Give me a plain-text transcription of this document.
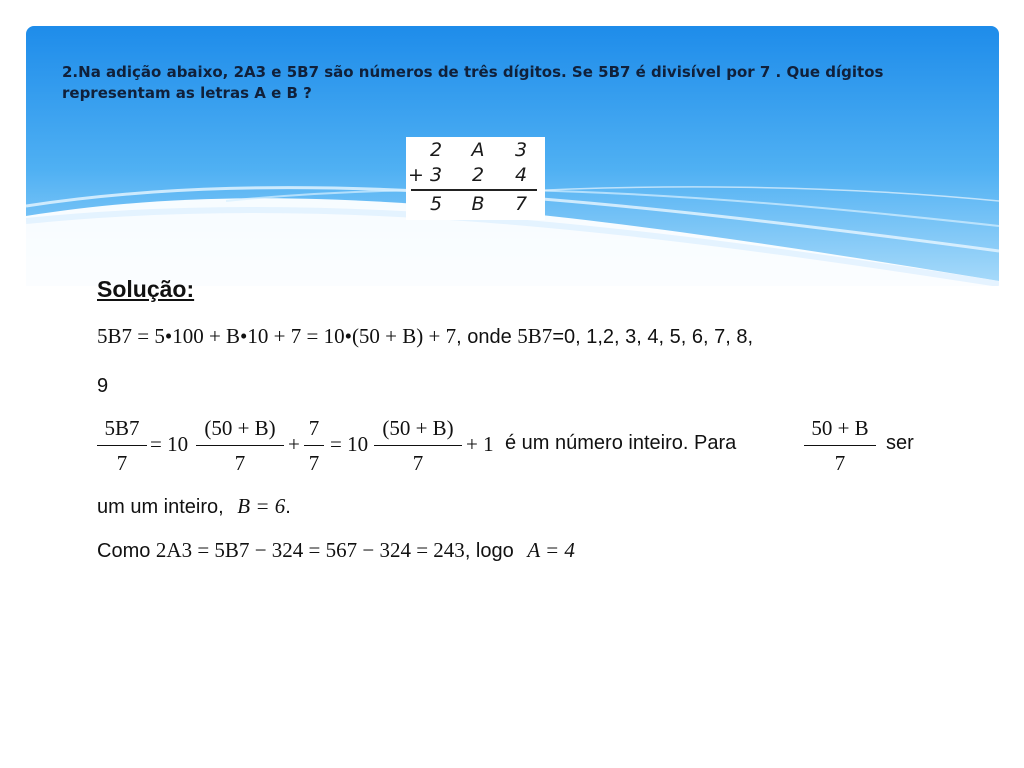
2.Na adição abaixo, 2A3 e 5B7 são números de três dígitos. Se 5B7 é divisível por 7 . Que dígitos representam as letras A e B ?

2	A	3
+ 3	2	4
5	B	7
Solução:
5B7 = 5•100 + B•10 + 7 = 10•(50 + B) + 7, onde 5B7=0, 1,2, 3, 4, 5, 6, 7, 8,
9
5B7
7
= 10
(50 + B)
7
+
7
7
= 10
(50 + B)
7
+ 1 é um número inteiro. Para
50 + B
7
ser
um um inteiro, B = 6.
Como 2A3 = 5B7 − 324 = 567 − 324 = 243, logo A = 4
